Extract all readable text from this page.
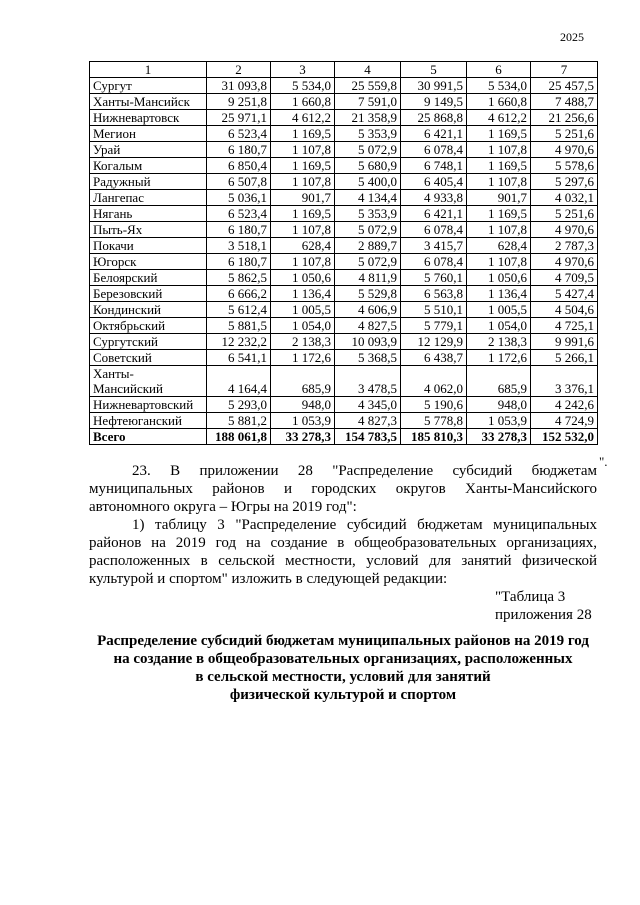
2025
1	2	3	4	5	6	7
Сургут	31 093,8	5 534,0	25 559,8	30 991,5	5 534,0	25 457,5
Ханты-Мансийск	9 251,8	1 660,8	7 591,0	9 149,5	1 660,8	7 488,7
Нижневартовск	25 971,1	4 612,2	21 358,9	25 868,8	4 612,2	21 256,6
Мегион	6 523,4	1 169,5	5 353,9	6 421,1	1 169,5	5 251,6
Урай	6 180,7	1 107,8	5 072,9	6 078,4	1 107,8	4 970,6
Когалым	6 850,4	1 169,5	5 680,9	6 748,1	1 169,5	5 578,6
Радужный	6 507,8	1 107,8	5 400,0	6 405,4	1 107,8	5 297,6
Лангепас	5 036,1	901,7	4 134,4	4 933,8	901,7	4 032,1
Нягань	6 523,4	1 169,5	5 353,9	6 421,1	1 169,5	5 251,6
Пыть-Ях	6 180,7	1 107,8	5 072,9	6 078,4	1 107,8	4 970,6
Покачи	3 518,1	628,4	2 889,7	3 415,7	628,4	2 787,3
Югорск	6 180,7	1 107,8	5 072,9	6 078,4	1 107,8	4 970,6
Белоярский	5 862,5	1 050,6	4 811,9	5 760,1	1 050,6	4 709,5
Березовский	6 666,2	1 136,4	5 529,8	6 563,8	1 136,4	5 427,4
Кондинский	5 612,4	1 005,5	4 606,9	5 510,1	1 005,5	4 504,6
Октябрьский	5 881,5	1 054,0	4 827,5	5 779,1	1 054,0	4 725,1
Сургутский	12 232,2	2 138,3	10 093,9	12 129,9	2 138,3	9 991,6
Советский	6 541,1	1 172,6	5 368,5	6 438,7	1 172,6	5 266,1
Ханты-
Мансийский	4 164,4	685,9	3 478,5	4 062,0	685,9	3 376,1
Нижневартовский	5 293,0	948,0	4 345,0	5 190,6	948,0	4 242,6
Нефтеюганский	5 881,2	1 053,9	4 827,3	5 778,8	1 053,9	4 724,9
Всего	188 061,8	33 278,3	154 783,5	185 810,3	33 278,3	152 532,0
".

23. В приложении 28 "Распределение субсидий бюджетам

муниципальных районов и городских округов Ханты-Мансийского

автономного округа – Югры на 2019 год":

1) таблицу 3 "Распределение субсидий бюджетам муниципальных

районов на 2019 год на создание в общеобразовательных организациях,

расположенных в сельской местности, условий для занятий физической

культурой и спортом" изложить в следующей редакции:

"Таблица 3

приложения 28

Распределение субсидий бюджетам муниципальных районов на 2019 год
на создание в общеобразовательных организациях, расположенных
в сельской местности, условий для занятий
физической культурой и спортом
